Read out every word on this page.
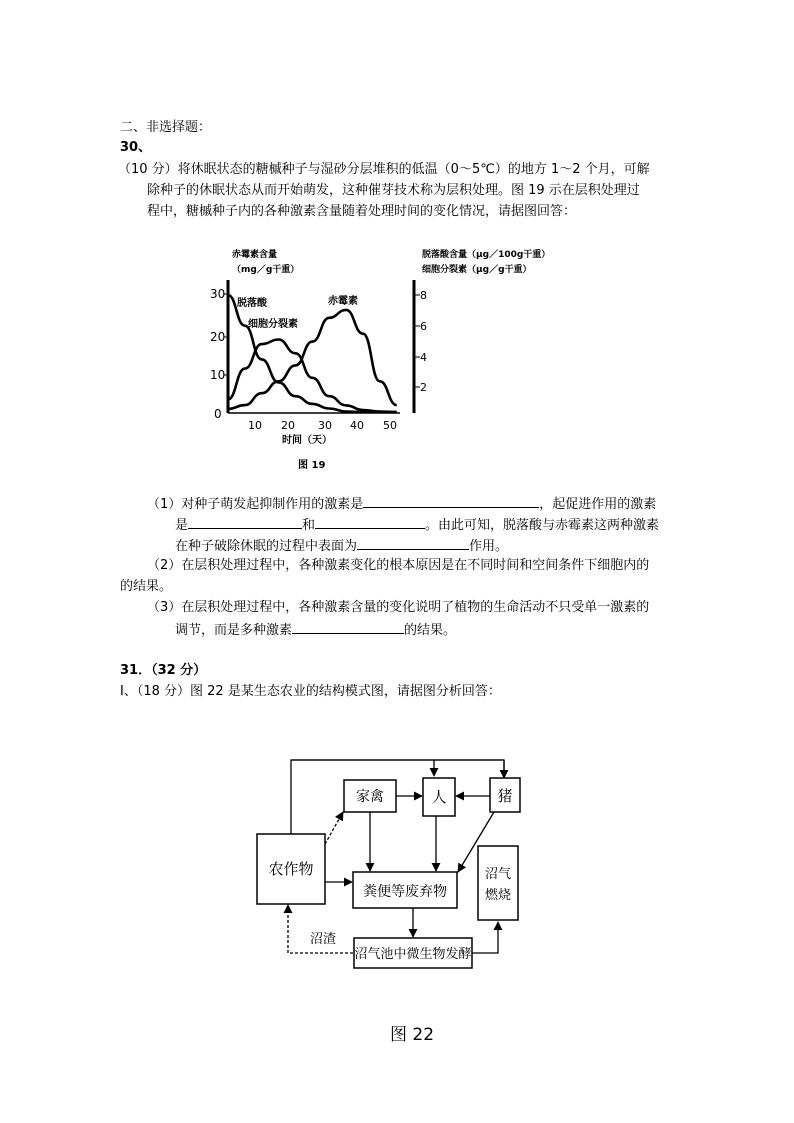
二、非选择题：
30、
（10 分）将休眠状态的糖槭种子与湿砂分层堆积的低温（0～5℃）的地方 1～2 个月，可解
除种子的休眠状态从而开始萌发，这种催芽技术称为层积处理。图 19 示在层积处理过
程中，糖槭种子内的各种激素含量随着处理时间的变化情况，请据图回答：
赤霉素含量
（mg／g干重）
脱落酸含量（μg／100g干重）
细胞分裂素（μg／g干重）
30
20
10
0
8
6
4
2
10 20 30 40 50
时间（天）
脱落酸
细胞分裂素
赤霉素
图 19
（1）对种子萌发起抑制作用的激素是	，起促进作用的激素
是	和	。由此可知，脱落酸与赤霉素这两种激素
在种子破除休眠的过程中表面为	作用。
（2）在层积处理过程中，各种激素变化的根本原因是在不同时间和空间条件下细胞内的
的结果。
（3）在层积处理过程中，各种激素含量的变化说明了植物的生命活动不只受单一激素的
调节，而是多种激素	的结果。
31．（32 分）
Ⅰ、（18 分）图 22 是某生态农业的结构模式图，请据图分析回答：
农作物
家禽	人	猪
粪便等废弃物
沼气
燃烧
沼气池中微生物发酵
沼渣
图 22
